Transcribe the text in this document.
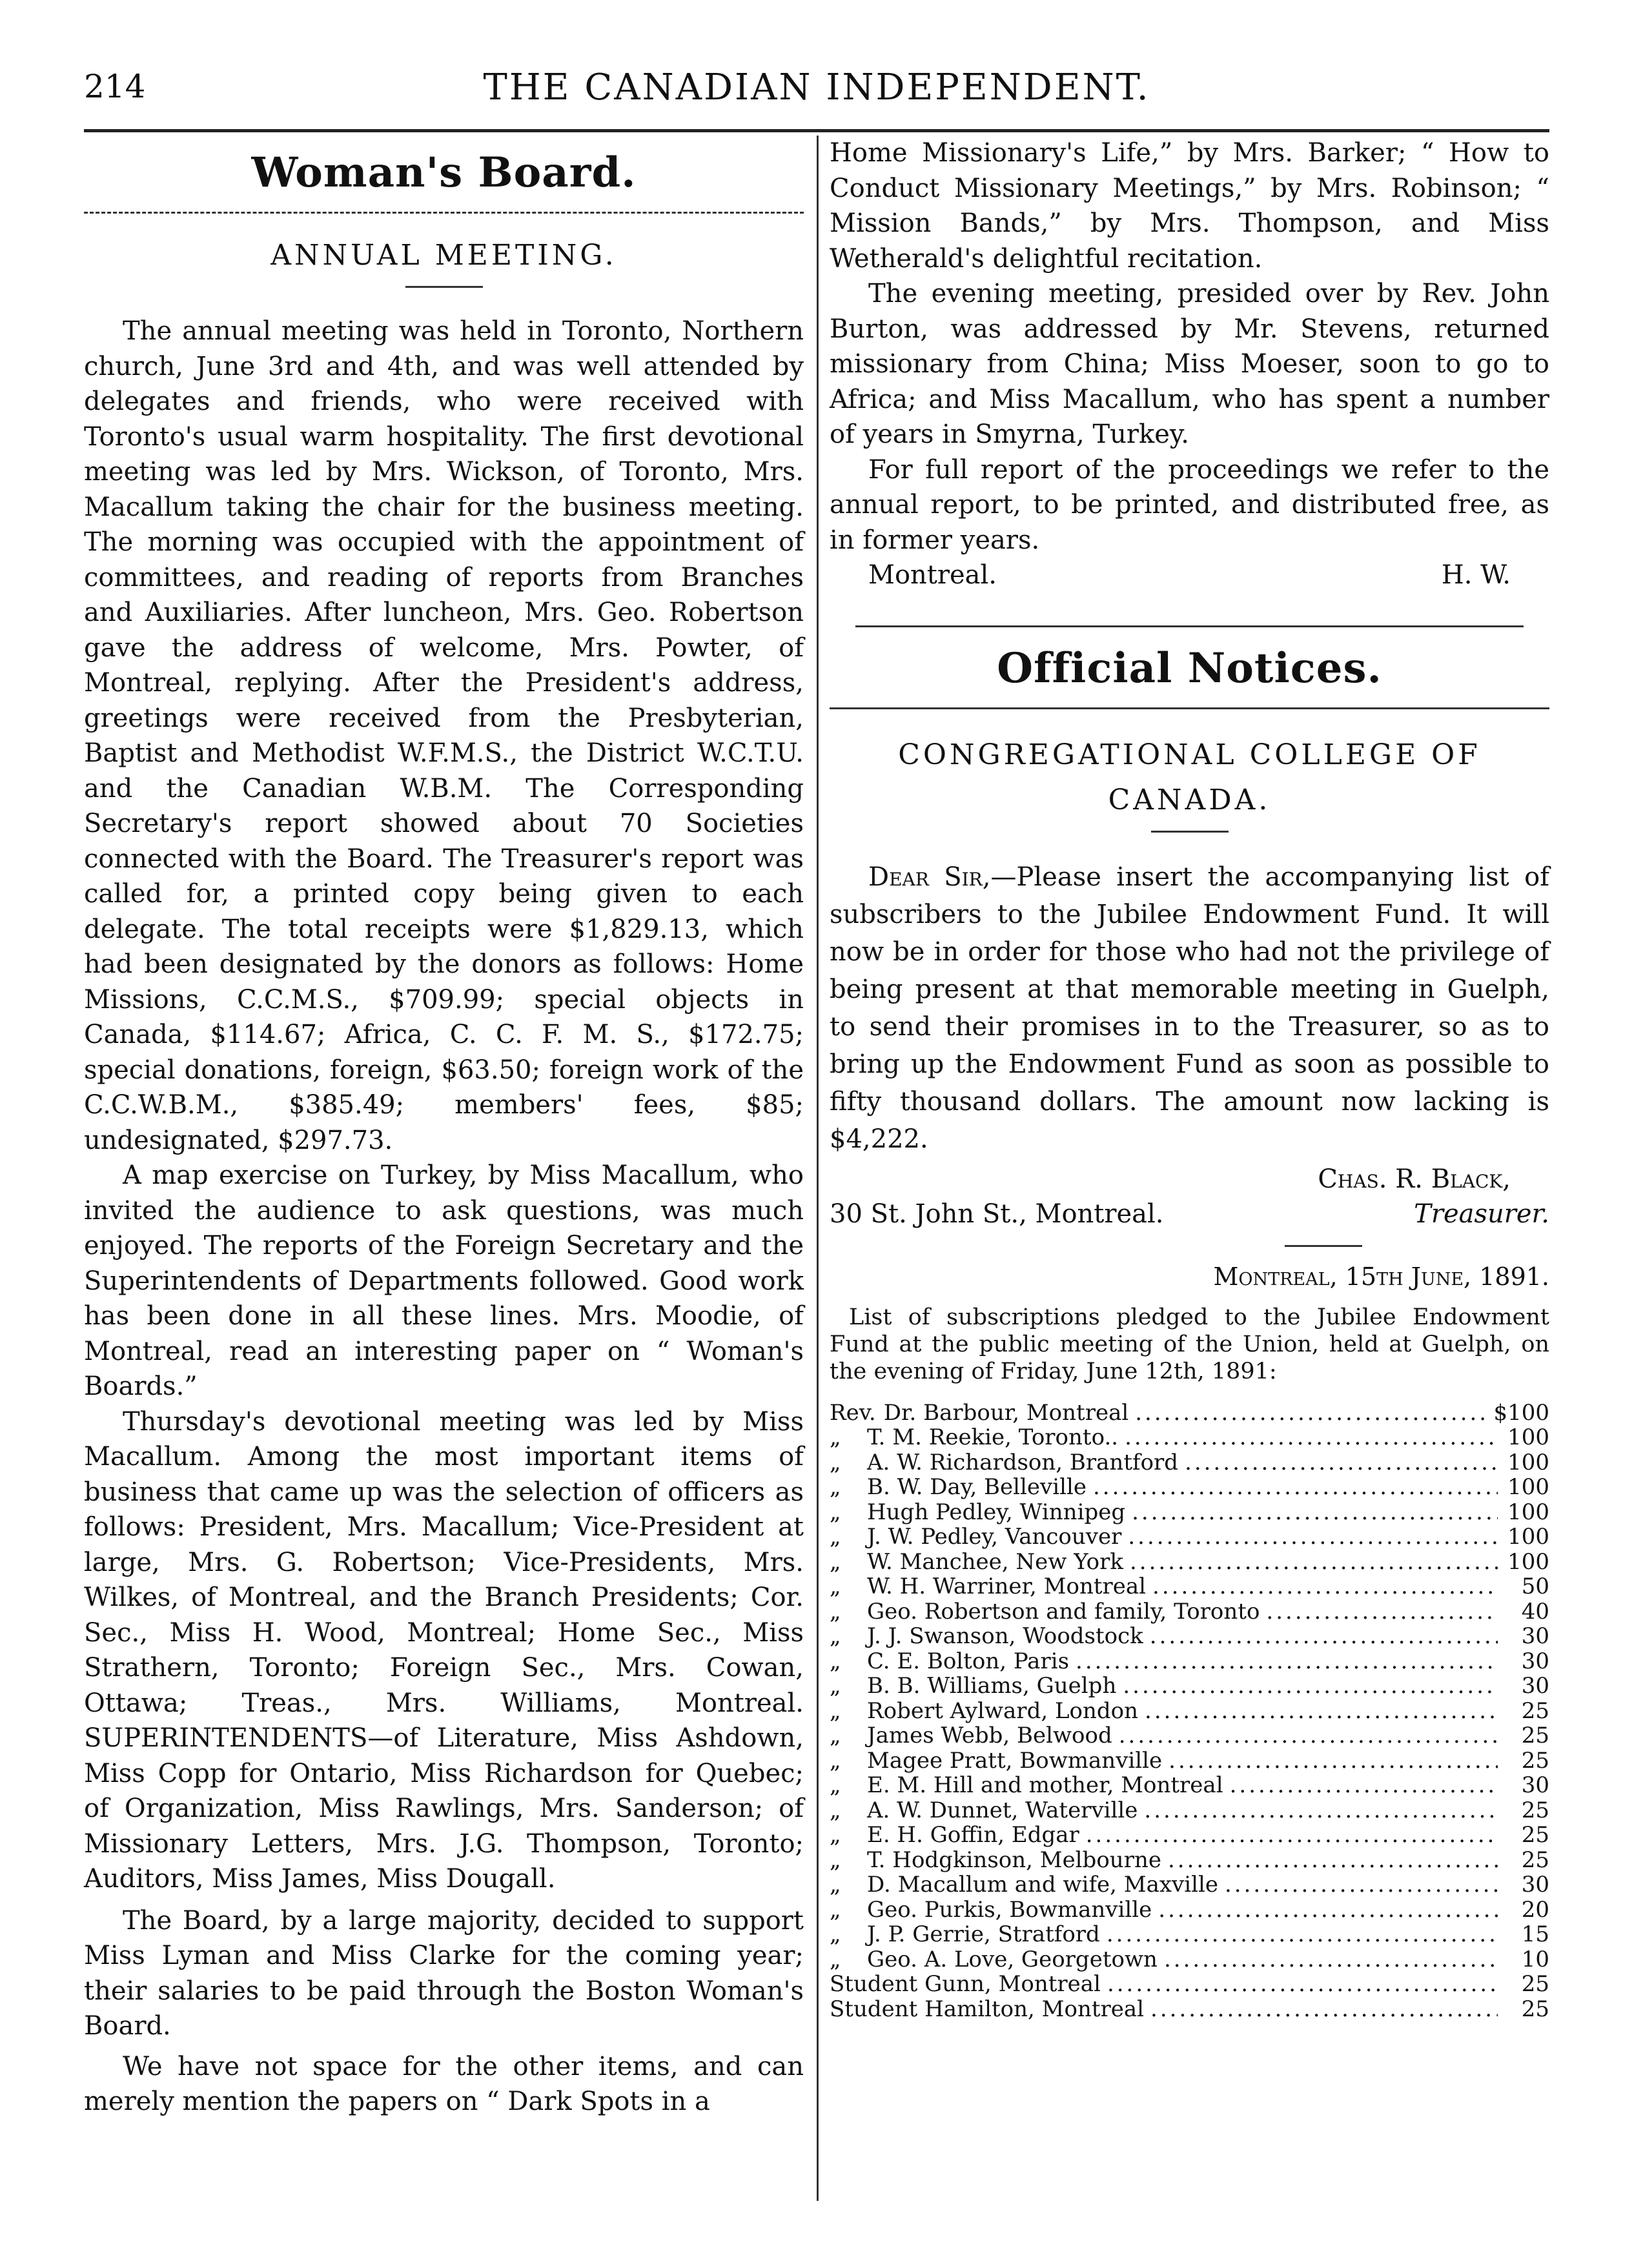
214	THE CANADIAN INDEPENDENT.
Woman's Board.
ANNUAL MEETING.

The annual meeting was held in Toronto, Northern church, June 3rd and 4th, and was well attended by delegates and friends, who were received with Toronto's usual warm hospitality. The first devotional meeting was led by Mrs. Wickson, of Toronto, Mrs. Macallum taking the chair for the business meeting. The morning was occupied with the appointment of committees, and reading of reports from Branches and Auxiliaries. After luncheon, Mrs. Geo. Robertson gave the address of welcome, Mrs. Powter, of Montreal, replying. After the President's address, greetings were received from the Presbyterian, Baptist and Methodist W.F.M.S., the District W.C.T.U. and the Canadian W.B.M. The Corresponding Secretary's report showed about 70 Societies connected with the Board. The Treasurer's report was called for, a printed copy being given to each delegate. The total receipts were $1,829.13, which had been designated by the donors as follows: Home Missions, C.C.M.S., $709.99; special objects in Canada, $114.67; Africa, C. C. F. M. S., $172.75; special donations, foreign, $63.50; foreign work of the C.C.W.B.M., $385.49; members' fees, $85; undesignated, $297.73.

A map exercise on Turkey, by Miss Macallum, who invited the audience to ask questions, was much enjoyed. The reports of the Foreign Secretary and the Superintendents of Departments followed. Good work has been done in all these lines. Mrs. Moodie, of Montreal, read an interesting paper on “ Woman's Boards.”

Thursday's devotional meeting was led by Miss Macallum. Among the most important items of business that came up was the selection of officers as follows: President, Mrs. Macallum; Vice-President at large, Mrs. G. Robertson; Vice-Presidents, Mrs. Wilkes, of Montreal, and the Branch Presidents; Cor. Sec., Miss H. Wood, Montreal; Home Sec., Miss Strathern, Toronto; Foreign Sec., Mrs. Cowan, Ottawa; Treas., Mrs. Williams, Montreal. SUPERINTENDENTS—of Literature, Miss Ashdown, Miss Copp for Ontario, Miss Richardson for Quebec; of Organization, Miss Rawlings, Mrs. Sanderson; of Missionary Letters, Mrs. J.G. Thompson, Toronto; Auditors, Miss James, Miss Dougall.

The Board, by a large majority, decided to support Miss Lyman and Miss Clarke for the coming year; their salaries to be paid through the Boston Woman's Board.

We have not space for the other items, and can merely mention the papers on “ Dark Spots in a

Home Missionary's Life,” by Mrs. Barker; “ How to Conduct Missionary Meetings,” by Mrs. Robinson; “ Mission Bands,” by Mrs. Thompson, and Miss Wetherald's delightful recitation.

The evening meeting, presided over by Rev. John Burton, was addressed by Mr. Stevens, returned missionary from China; Miss Moeser, soon to go to Africa; and Miss Macallum, who has spent a number of years in Smyrna, Turkey.

For full report of the proceedings we refer to the annual report, to be printed, and distributed free, as in former years.

Montreal.	H. W.
Official Notices.
CONGREGATIONAL COLLEGE OF
CANADA.

Dear Sir,—Please insert the accompanying list of subscribers to the Jubilee Endowment Fund. It will now be in order for those who had not the privilege of being present at that memorable meeting in Guelph, to send their promises in to the Treasurer, so as to bring up the Endowment Fund as soon as possible to fifty thousand dollars. The amount now lacking is $4,222.

Chas. R. Black,
30 St. John St., Montreal.	Treasurer.
Montreal, 15th June, 1891.

List of subscriptions pledged to the Jubilee Endowment Fund at the public meeting of the Union, held at Guelph, on the evening of Friday, June 12th, 1891:

Rev. Dr. Barbour, Montreal .....	$100
„ T. M. Reekie, Toronto.. .....	100
„ A. W. Richardson, Brantford .....	100
„ B. W. Day, Belleville .....	100
„ Hugh Pedley, Winnipeg .....	100
„ J. W. Pedley, Vancouver .....	100
„ W. Manchee, New York .....	100
„ W. H. Warriner, Montreal .....	50
„ Geo. Robertson and family, Toronto .....	40
„ J. J. Swanson, Woodstock .....	30
„ C. E. Bolton, Paris .....	30
„ B. B. Williams, Guelph .....	30
„ Robert Aylward, London .....	25
„ James Webb, Belwood .....	25
„ Magee Pratt, Bowmanville .....	25
„ E. M. Hill and mother, Montreal .....	30
„ A. W. Dunnet, Waterville .....	25
„ E. H. Goffin, Edgar .....	25
„ T. Hodgkinson, Melbourne .....	25
„ D. Macallum and wife, Maxville .....	30
„ Geo. Purkis, Bowmanville .....	20
„ J. P. Gerrie, Stratford .....	15
„ Geo. A. Love, Georgetown .....	10
Student Gunn, Montreal .....	25
Student Hamilton, Montreal .....	25
